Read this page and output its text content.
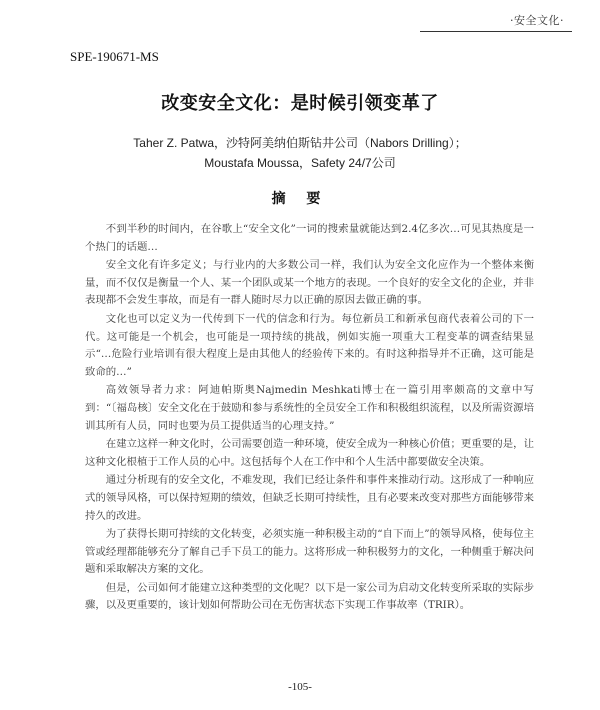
·安全文化·
SPE-190671-MS
改变安全文化：是时候引领变革了
Taher Z. Patwa，沙特阿美纳伯斯钻井公司（Nabors Drilling）；
Moustafa Moussa，Safety 24/7公司
摘 要

不到半秒的时间内，在谷歌上“安全文化”一词的搜索量就能达到2.4亿多次…可见其热度是一个热门的话题…

安全文化有许多定义；与行业内的大多数公司一样，我们认为安全文化应作为一个整体来衡量，而不仅仅是衡量一个人、某一个团队或某一个地方的表现。一个良好的安全文化的企业，并非表现都不会发生事故，而是有一群人随时尽力以正确的原因去做正确的事。

文化也可以定义为一代传到下一代的信念和行为。每位新员工和新承包商代表着公司的下一代。这可能是一个机会，也可能是一项持续的挑战，例如实施一项重大工程变革的调查结果显示“…危险行业培训有很大程度上是由其他人的经验传下来的。有时这种指导并不正确，这可能是致命的…”

高效领导者力求：阿迪帕斯奥Najmedin Meshkati博士在一篇引用率颇高的文章中写到：“〔福岛核〕安全文化在于鼓励和参与系统性的全员安全工作和积极组织流程，以及所需资源培训其所有人员，同时也要为员工提供适当的心理支持。”

在建立这样一种文化时，公司需要创造一种环境，使安全成为一种核心价值；更重要的是，让这种文化根植于工作人员的心中。这包括每个人在工作中和个人生活中都要做安全决策。

通过分析现有的安全文化，不难发现，我们已经让条件和事件来推动行动。这形成了一种响应式的领导风格，可以保持短期的绩效，但缺乏长期可持续性，且有必要来改变对那些方面能够带来持久的改进。

为了获得长期可持续的文化转变，必须实施一种积极主动的“自下而上”的领导风格，使每位主管或经理都能够充分了解自己手下员工的能力。这将形成一种积极努力的文化，一种侧重于解决问题和采取解决方案的文化。

但是，公司如何才能建立这种类型的文化呢？以下是一家公司为启动文化转变所采取的实际步骤，以及更重要的，该计划如何帮助公司在无伤害状态下实现工作事故率（TRIR）。

-105-
